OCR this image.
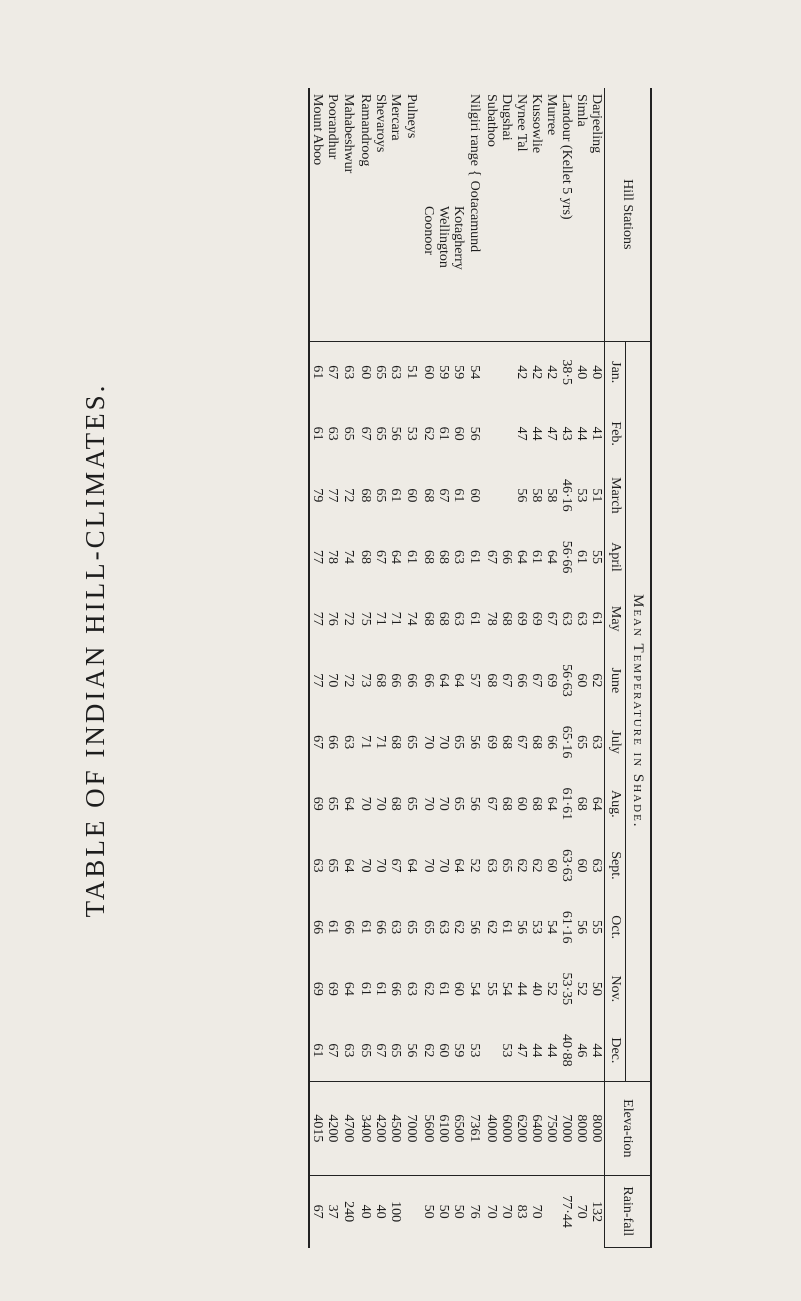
TABLE OF INDIAN HILL-CLIMATES.
Hill Stations	Mean Temperature in Shade.												Eleva-tion	Rain-fall
	Jan.	Feb.	March	April	May	June	July	Aug.	Sept.	Oct.	Nov.	Dec.		
Darjeeling	40	41	51	55	61	62	63	64	63	55	50	44	8000	132
Simla	40	44	53	61	63	60	65	68	60	56	52	46	8000	70
Landour (Kellet 5 yrs)	38·5	43	46·16	56·66	63	56·63	65·16	61·61	63·63	61·16	53·35	40·88	7000	77·44
Murree	42	47	58	64	67	69	66	64	60	54	52	44	7500	
Kussowlie	42	44	58	61	69	67	68	68	62	53	40	44	6400	70
Nynee Tal	42	47	56	64	69	66	67	60	62	56	44	47	6200	83
Dugshai				66	68	67	68	68	65	61	54	53	6000	70
Subathoo				67	78	68	69	67	63	62	55		4000	70
Nilgiri range { Ootacamund	54	56	60	61	61	57	56	56	52	56	54	53	7361	76
Kotagherry	59	60	61	63	63	64	65	65	64	62	60	59	6500	50
Wellington	59	61	67	68	68	64	70	70	70	63	61	60	6100	50
Coonoor	60	62	68	68	68	66	70	70	70	65	62	62	5600	50
Pulneys	51	53	60	61	74	66	65	65	64	65	63	56	7000	
Mercara	63	56	61	64	71	66	68	68	67	63	66	65	4500	100
Shevaroys	65	65	65	67	71	68	71	70	70	66	61	67	4200	40
Ramandroog	60	67	68	68	75	73	71	70	70	61	61	65	3400	40
Mahabeshwur	63	65	72	74	72	72	63	64	64	66	64	63	4700	240
Poorandhur	67	63	77	78	76	70	66	65	65	61	69	67	4200	37
Mount Aboo	61	61	79	77	77	77	67	69	63	66	69	61	4015	67
